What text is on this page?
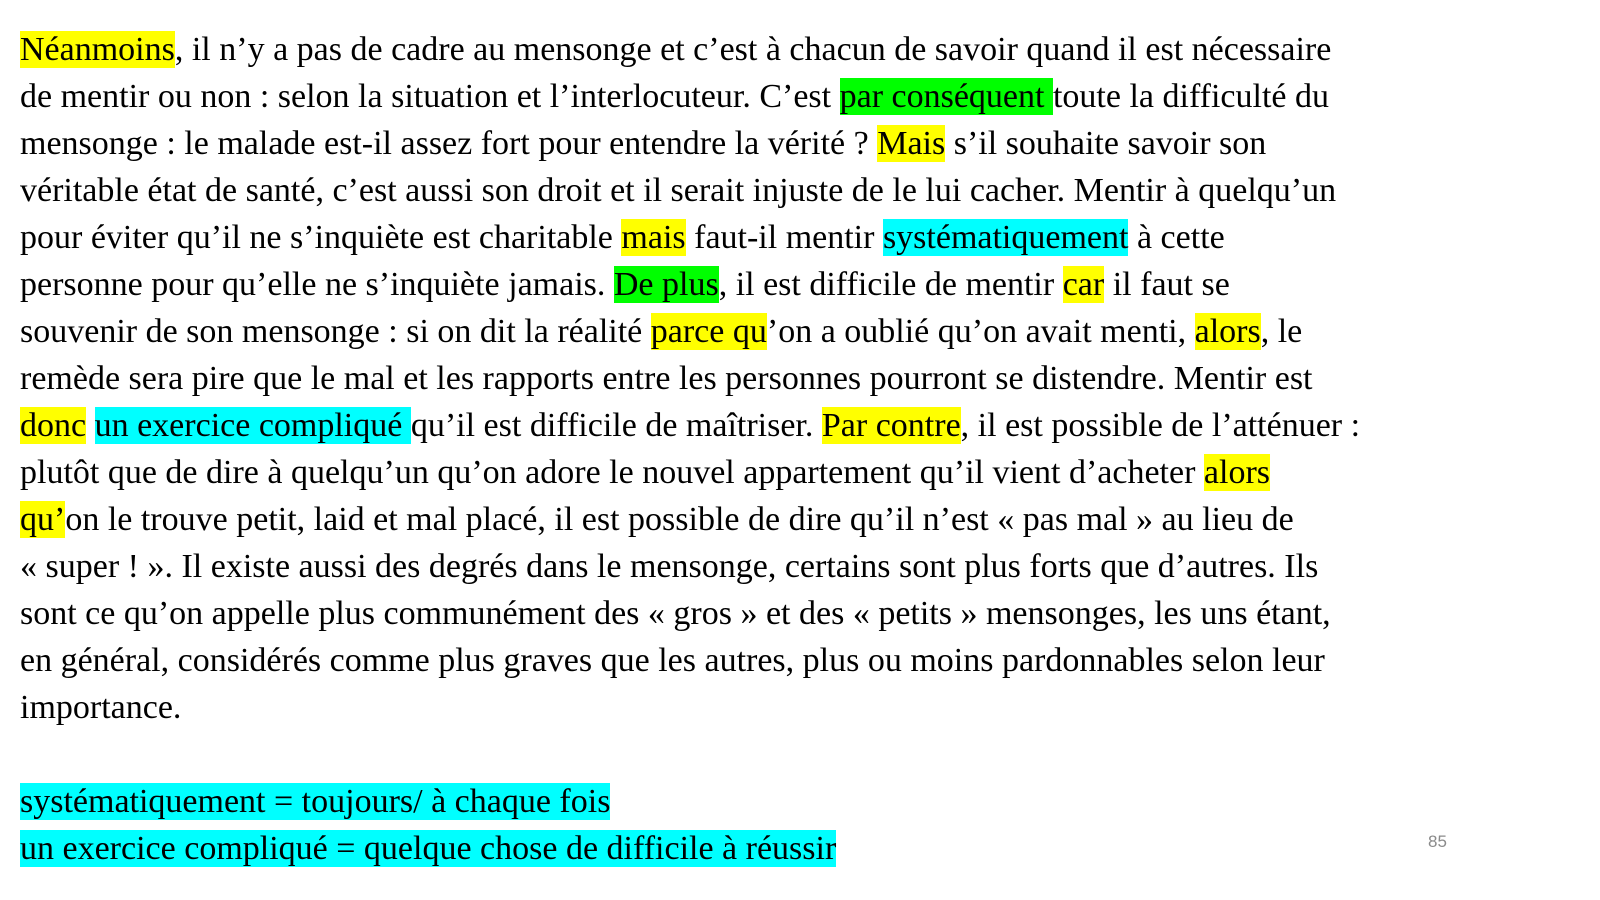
Néanmoins, il n’y a pas de cadre au mensonge et c’est à chacun de savoir quand il est nécessaire
de mentir ou non : selon la situation et l’interlocuteur. C’est par conséquent toute la difficulté du
mensonge : le malade est-il assez fort pour entendre la vérité ? Mais s’il souhaite savoir son
véritable état de santé, c’est aussi son droit et il serait injuste de le lui cacher. Mentir à quelqu’un
pour éviter qu’il ne s’inquiète est charitable mais faut-il mentir systématiquement à cette
personne pour qu’elle ne s’inquiète jamais. De plus, il est difficile de mentir car il faut se
souvenir de son mensonge : si on dit la réalité parce qu’on a oublié qu’on avait menti, alors, le
remède sera pire que le mal et les rapports entre les personnes pourront se distendre. Mentir est
donc un exercice compliqué qu’il est difficile de maîtriser. Par contre, il est possible de l’atténuer :
plutôt que de dire à quelqu’un qu’on adore le nouvel appartement qu’il vient d’acheter alors
qu’on le trouve petit, laid et mal placé, il est possible de dire qu’il n’est « pas mal » au lieu de
« super ! ». Il existe aussi des degrés dans le mensonge, certains sont plus forts que d’autres. Ils
sont ce qu’on appelle plus communément des « gros » et des « petits » mensonges, les uns étant,
en général, considérés comme plus graves que les autres, plus ou moins pardonnables selon leur
importance.
systématiquement = toujours/ à chaque fois
un exercice compliqué = quelque chose de difficile à réussir	85
